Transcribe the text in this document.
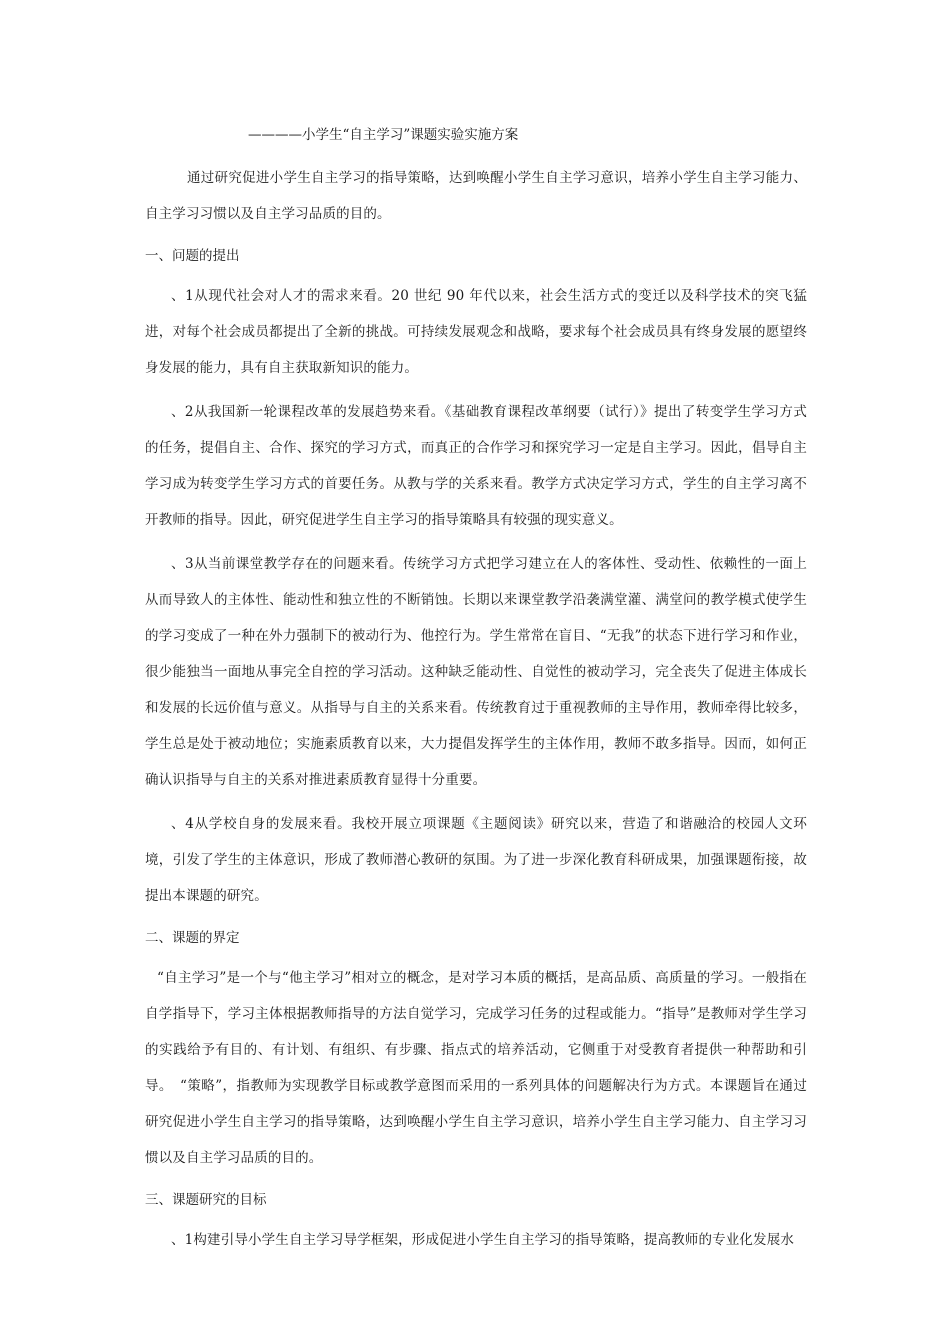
————小学生“自主学习”课题实验实施方案

通过研究促进小学生自主学习的指导策略，达到唤醒小学生自主学习意识，培养小学生自主学习能力、自主学习习惯以及自主学习品质的目的。

一、问题的提出

、1从现代社会对人才的需求来看。20 世纪 90 年代以来，社会生活方式的变迁以及科学技术的突飞猛进，对每个社会成员都提出了全新的挑战。可持续发展观念和战略，要求每个社会成员具有终身发展的愿望终身发展的能力，具有自主获取新知识的能力。

、2从我国新一轮课程改革的发展趋势来看。《基础教育课程改革纲要（试行）》提出了转变学生学习方式的任务，提倡自主、合作、探究的学习方式，而真正的合作学习和探究学习一定是自主学习。因此，倡导自主学习成为转变学生学习方式的首要任务。从教与学的关系来看。教学方式决定学习方式，学生的自主学习离不开教师的指导。因此，研究促进学生自主学习的指导策略具有较强的现实意义。

、3从当前课堂教学存在的问题来看。传统学习方式把学习建立在人的客体性、受动性、依赖性的一面上从而导致人的主体性、能动性和独立性的不断销蚀。长期以来课堂教学沿袭满堂灌、满堂问的教学模式使学生的学习变成了一种在外力强制下的被动行为、他控行为。学生常常在盲目、“无我”的状态下进行学习和作业，很少能独当一面地从事完全自控的学习活动。这种缺乏能动性、自觉性的被动学习，完全丧失了促进主体成长和发展的长远价值与意义。从指导与自主的关系来看。传统教育过于重视教师的主导作用，教师牵得比较多，学生总是处于被动地位；实施素质教育以来，大力提倡发挥学生的主体作用，教师不敢多指导。因而，如何正确认识指导与自主的关系对推进素质教育显得十分重要。

、4从学校自身的发展来看。我校开展立项课题《主题阅读》研究以来，营造了和谐融洽的校园人文环境，引发了学生的主体意识，形成了教师潜心教研的氛围。为了进一步深化教育科研成果，加强课题衔接，故提出本课题的研究。

二、课题的界定

“自主学习”是一个与“他主学习”相对立的概念，是对学习本质的概括，是高品质、高质量的学习。一般指在自学指导下，学习主体根据教师指导的方法自觉学习，完成学习任务的过程或能力。“指导”是教师对学生学习的实践给予有目的、有计划、有组织、有步骤、指点式的培养活动，它侧重于对受教育者提供一种帮助和引导。　“策略”，指教师为实现教学目标或教学意图而采用的一系列具体的问题解决行为方式。本课题旨在通过研究促进小学生自主学习的指导策略，达到唤醒小学生自主学习意识，培养小学生自主学习能力、自主学习习惯以及自主学习品质的目的。

三、课题研究的目标

、1构建引导小学生自主学习导学框架，形成促进小学生自主学习的指导策略，提高教师的专业化发展水
